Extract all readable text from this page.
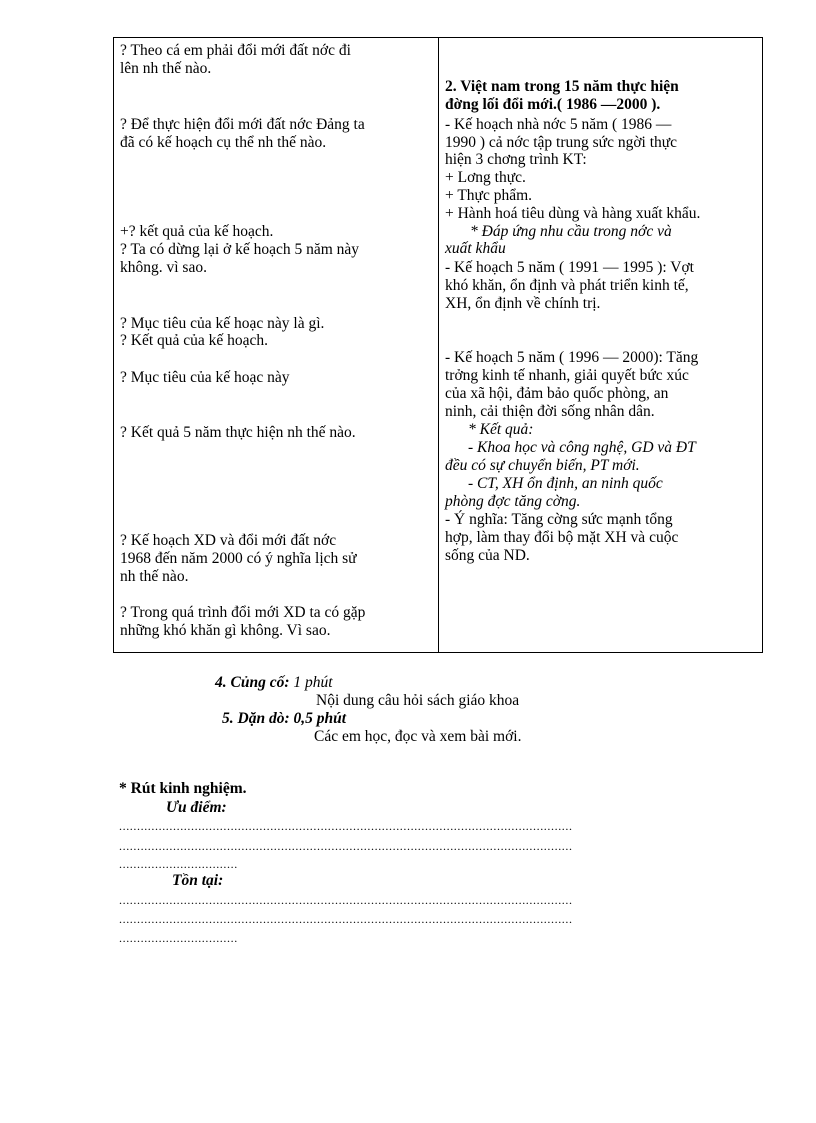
? Theo cá em phải đổi mới đất nớc đi
lên nh thế nào.
? Để thực hiện đổi mới đất nớc Đảng ta
đã có kế hoạch cụ thể nh thế nào.
+? kết quả của kế hoạch.
? Ta có dừng lại ở kế hoạch 5 năm này
không. vì sao.
? Mục tiêu của kế hoạc này là gì.
? Kết quả của kế hoạch.
? Mục tiêu của kế hoạc này
? Kết quả 5 năm thực hiện nh thế nào.
? Kế hoạch XD và đổi mới đất nớc
1968 đến năm 2000 có ý nghĩa lịch sử
nh thế nào.
? Trong quá trình đổi mới XD ta có gặp
những khó khăn gì không. Vì sao.
2. Việt nam trong 15 năm thực hiện
đờng lối đổi mới.( 1986 —2000 ).
- Kế hoạch nhà nớc 5 năm ( 1986 —
1990 ) cả nớc tập trung sức ngời thực
hiện 3 chơng trình KT:
+ Lơng thực.
+ Thực phẩm.
+ Hành hoá tiêu dùng và hàng xuất khẩu.
* Đáp ứng nhu cầu trong nớc và
xuất khẩu
- Kế hoạch 5 năm ( 1991 — 1995 ): Vợt
khó khăn, ổn định và phát triển kinh tế,
XH, ổn định về chính trị.
- Kế hoạch 5 năm ( 1996 — 2000): Tăng
trởng kinh tế nhanh, giải quyết bức xúc
của xã hội, đảm bảo quốc phòng, an
ninh, cải thiện đời sống nhân dân.
* Kết quả:
- Khoa học và công nghệ, GD và ĐT
đều có sự chuyển biến, PT mới.
- CT, XH ổn định, an ninh quốc
phòng đợc tăng cờng.
- Ý nghĩa: Tăng cờng sức mạnh tổng
hợp, làm thay đổi bộ mặt XH và cuộc
sống của ND.
4. Củng cố: 1 phút
Nội dung câu hỏi sách giáo khoa
5. Dặn dò: 0,5 phút
Các em học, đọc và xem bài mới.
* Rút kinh nghiệm.
Ưu điểm:
..............................................................................................................................
..............................................................................................................................
.................................
Tồn tại:
..............................................................................................................................
..............................................................................................................................
.................................
